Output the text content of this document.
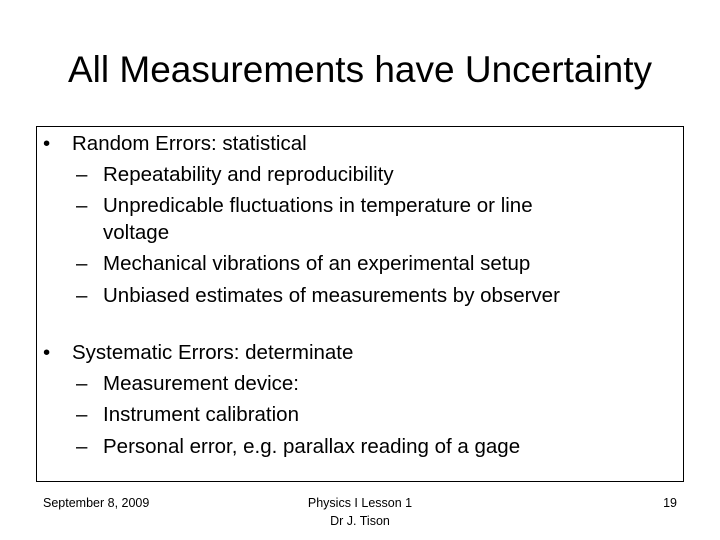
All Measurements have Uncertainty
• Random Errors: statistical
– Repeatability and reproducibility
– Unpredicable fluctuations in temperature or line
voltage
– Mechanical vibrations of an experimental setup
– Unbiased estimates of measurements by observer
• Systematic Errors: determinate
– Measurement device:
– Instrument calibration
– Personal error, e.g. parallax reading of a gage
September 8, 2009	Physics I Lesson 1
Dr J. Tison
19
